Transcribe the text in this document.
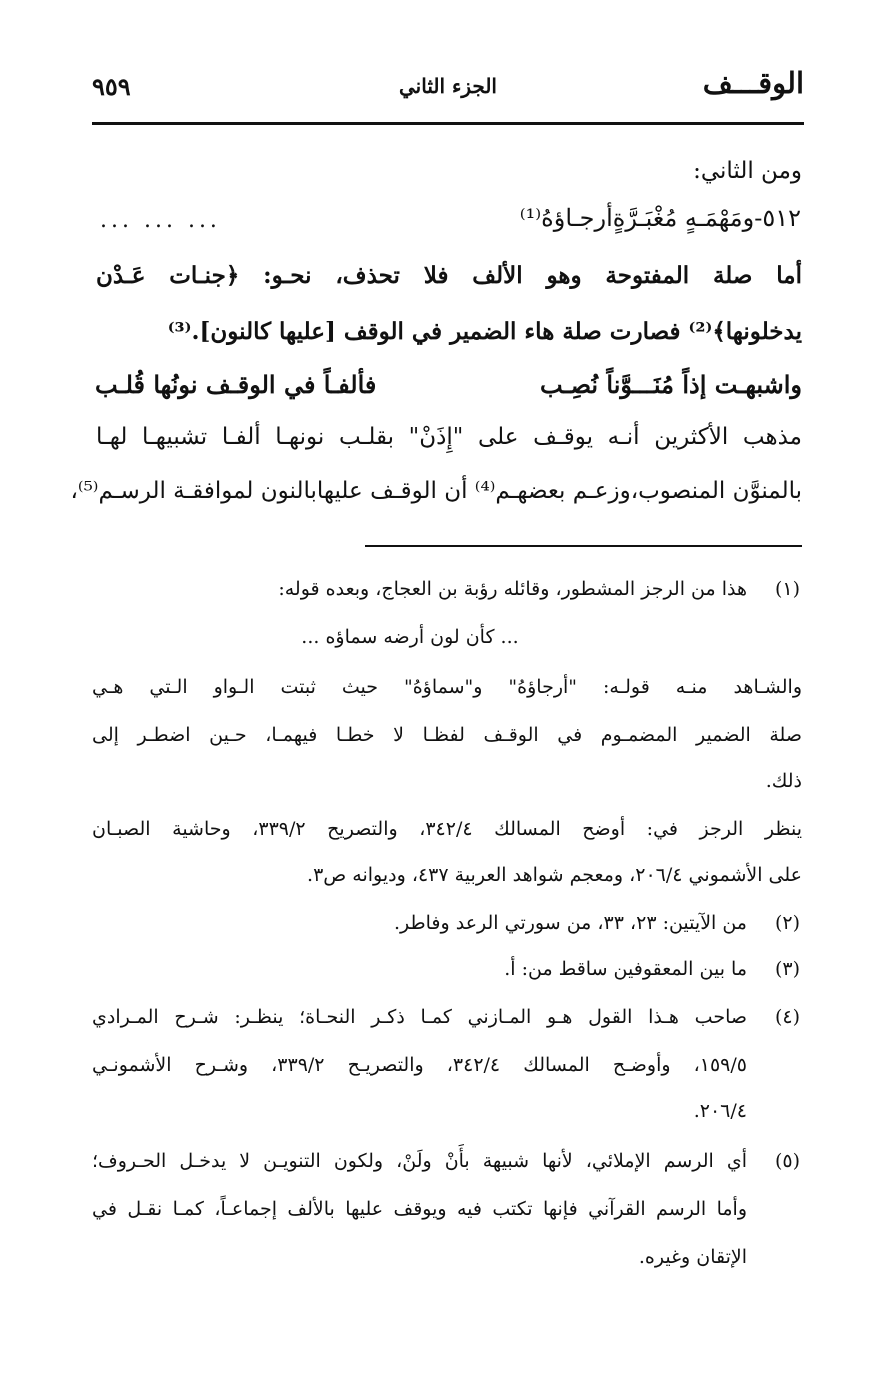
الوقـــف
الجزء الثاني
٩٥٩
ومن الثاني:
٥١٢-ومَهْمَـهٍ مُغْبَـرَّةٍأرجـاؤهُ⁽¹⁾
... ... ...
أما صلة المفتوحة وهو الألف فلا تحذف، نحـو: ﴿جنـات عَـدْن
يدخلونها﴾⁽²⁾ فصارت صلة هاء الضمير في الوقف [عليها كالنون].⁽³⁾
واشبهـت إذاً مُنَـــوَّناً نُصِـب
فألفـاً في الوقـف نونُها قُلـب
مذهب الأكثرين أنـه يوقـف على "إِذَنْ" بقلـب نونهـا ألفـا تشبيهـا لهـا
بالمنوَّن المنصوب،وزعـم بعضهـم⁽⁴⁾ أن الوقـف عليهابالنون لموافقـة الرسـم⁽⁵⁾،
(١)
هذا من الرجز المشطور، وقائله رؤبة بن العجاج، وبعده قوله:
... كأن لون أرضه سماؤه ...
والشـاهد منـه قولـه: "أرجاؤهُ" و"سماؤهُ" حيث ثبتت الـواو الـتي هـي
صلة الضمير المضمـوم في الوقـف لفظـا لا خطـا فيهمـا، حـين اضطـر إلى
ذلك.
ينظر الرجز في: أوضح المسالك ٣٤٢/٤، والتصريح ٣٣٩/٢، وحاشية الصبـان
على الأشموني ٢٠٦/٤، ومعجم شواهد العربية ٤٣٧، وديوانه ص٣.
(٢)
من الآيتين: ٢٣، ٣٣، من سورتي الرعد وفاطر.
(٣)
ما بين المعقوفين ساقط من: أ.
(٤)
صاحب هـذا القول هـو المـازني كمـا ذكـر النحـاة؛ ينظـر: شـرح المـرادي
١٥٩/٥، وأوضـح المسالك ٣٤٢/٤، والتصريـح ٣٣٩/٢، وشـرح الأشمونـي
٢٠٦/٤.
(٥)
أي الرسم الإملائي، لأنها شبيهة بأَنْ ولَنْ، ولكون التنويـن لا يدخـل الحـروف؛
وأما الرسم القرآني فإنها تكتب فيه ويوقف عليها بالألف إجماعـاً، كمـا نقـل في
الإتقان وغيره.
